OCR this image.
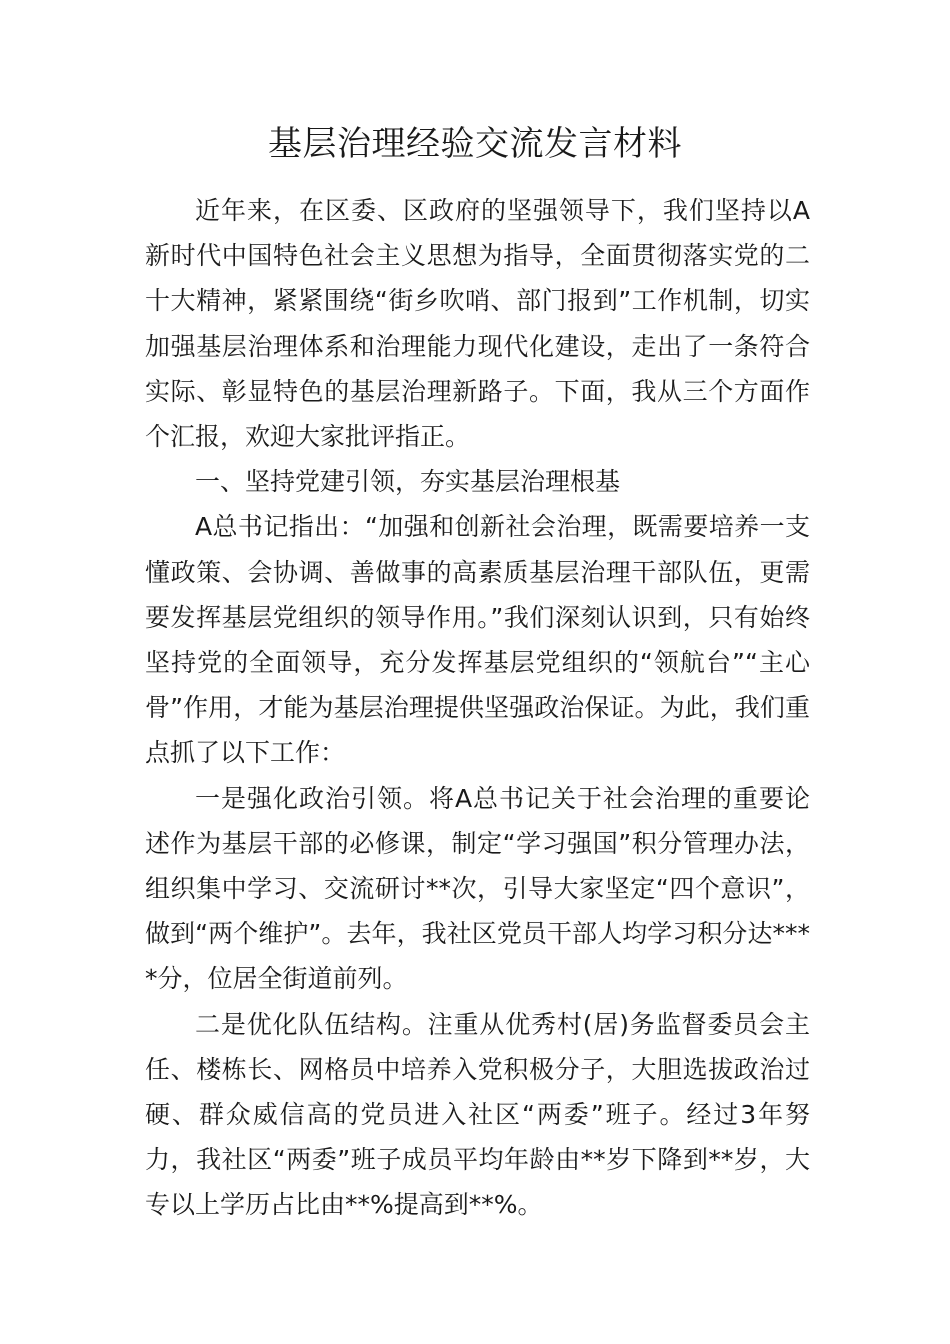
基层治理经验交流发言材料

近年来，在区委、区政府的坚强领导下，我们坚持以A新时代中国特色社会主义思想为指导，全面贯彻落实党的二十大精神，紧紧围绕“街乡吹哨、部门报到”工作机制，切实加强基层治理体系和治理能力现代化建设，走出了一条符合实际、彰显特色的基层治理新路子。下面，我从三个方面作个汇报，欢迎大家批评指正。

一、坚持党建引领，夯实基层治理根基

A总书记指出：“加强和创新社会治理，既需要培养一支懂政策、会协调、善做事的高素质基层治理干部队伍，更需要发挥基层党组织的领导作用。”我们深刻认识到，只有始终坚持党的全面领导，充分发挥基层党组织的“领航台”“主心骨”作用，才能为基层治理提供坚强政治保证。为此，我们重点抓了以下工作：

一是强化政治引领。将A总书记关于社会治理的重要论述作为基层干部的必修课，制定“学习强国”积分管理办法，组织集中学习、交流研讨**次，引导大家坚定“四个意识”，做到“两个维护”。去年，我社区党员干部人均学习积分达****分，位居全街道前列。

二是优化队伍结构。注重从优秀村(居)务监督委员会主任、楼栋长、网格员中培养入党积极分子，大胆选拔政治过硬、群众威信高的党员进入社区“两委”班子。经过3年努力，我社区“两委”班子成员平均年龄由**岁下降到**岁，大专以上学历占比由**%提高到**%。
